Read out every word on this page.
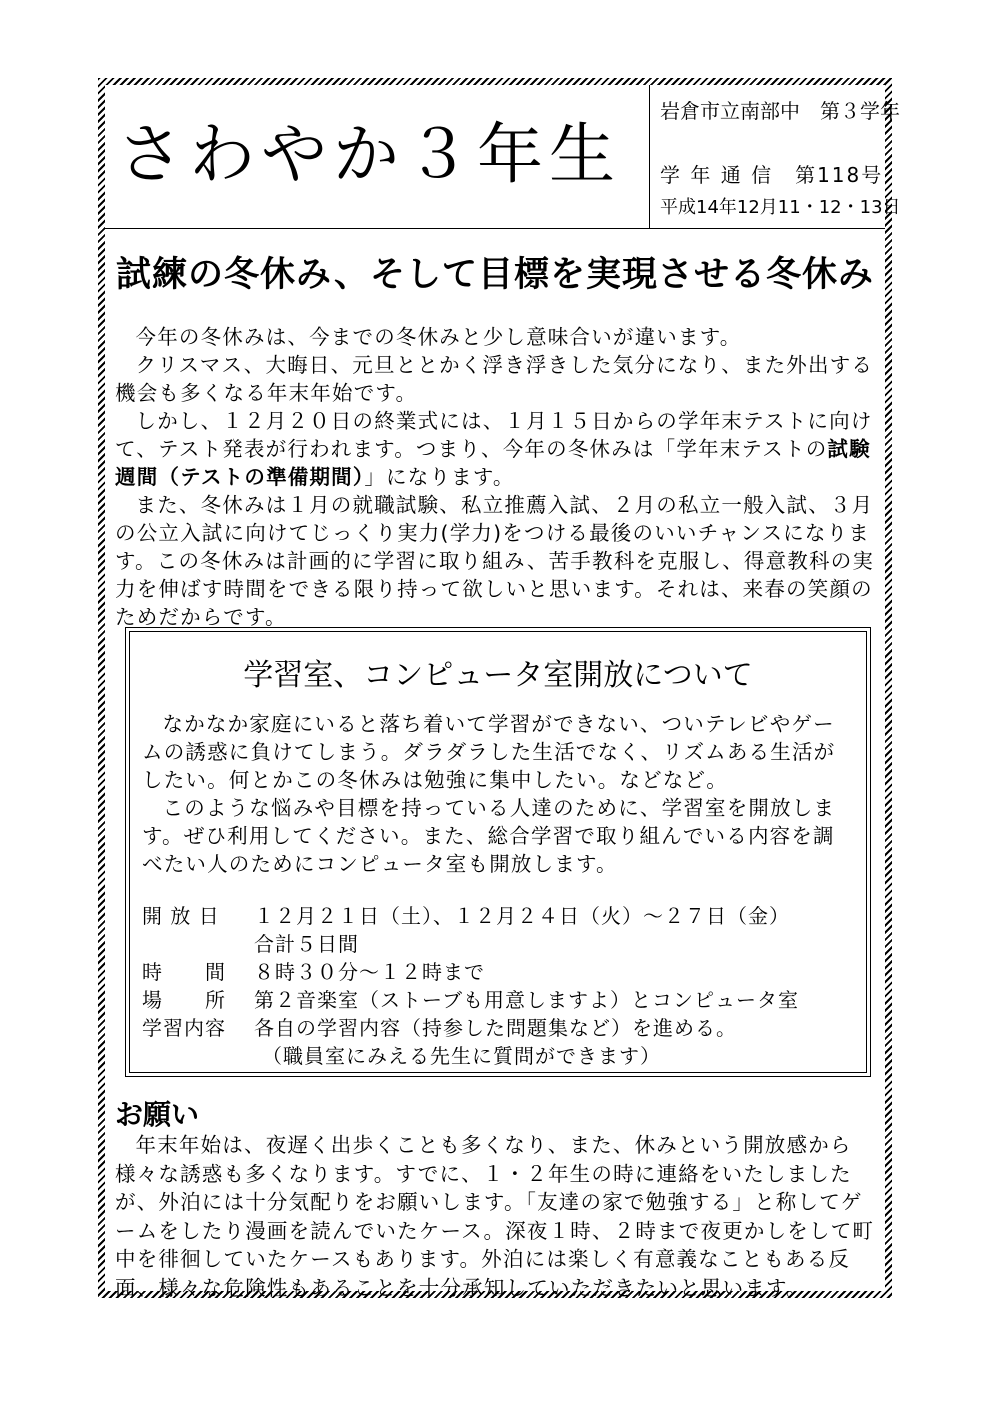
さわやか３年生
岩倉市立南部中　第３学年
学 年 通 信　第118号
平成14年12月11・12・13日
試練の冬休み、そして目標を実現させる冬休み

今年の冬休みは、今までの冬休みと少し意味合いが違います。

クリスマス、大晦日、元旦ととかく浮き浮きした気分になり、また外出する機会も多くなる年末年始です。

しかし、１２月２０日の終業式には、１月１５日からの学年末テストに向けて、テスト発表が行われます。つまり、今年の冬休みは「学年末テストの試験週間（テストの準備期間）」になります。

また、冬休みは１月の就職試験、私立推薦入試、２月の私立一般入試、３月の公立入試に向けてじっくり実力(学力)をつける最後のいいチャンスになります。この冬休みは計画的に学習に取り組み、苦手教科を克服し、得意教科の実力を伸ばす時間をできる限り持って欲しいと思います。それは、来春の笑顔のためだからです。

学習室、コンピュータ室開放について

なかなか家庭にいると落ち着いて学習ができない、ついテレビやゲームの誘惑に負けてしまう。ダラダラした生活でなく、リズムある生活がしたい。何とかこの冬休みは勉強に集中したい。などなど。

このような悩みや目標を持っている人達のために、学習室を開放します。ぜひ利用してください。また、総合学習で取り組んでいる内容を調べたい人のためにコンピュータ室も開放します。

開 放 日	１２月２１日（土）、１２月２４日（火）～２７日（金）
合計５日間
時　　間	８時３０分～１２時まで
場　　所	第２音楽室（ストーブも用意しますよ）とコンピュータ室
学習内容	各自の学習内容（持参した問題集など）を進める。
（職員室にみえる先生に質問ができます）
お願い

年末年始は、夜遅く出歩くことも多くなり、また、休みという開放感から様々な誘惑も多くなります。すでに、１・２年生の時に連絡をいたしましたが、外泊には十分気配りをお願いします。「友達の家で勉強する」と称してゲームをしたり漫画を読んでいたケース。深夜１時、２時まで夜更かしをして町中を徘徊していたケースもあります。外泊には楽しく有意義なこともある反面、様々な危険性もあることを十分承知していただきたいと思います。
